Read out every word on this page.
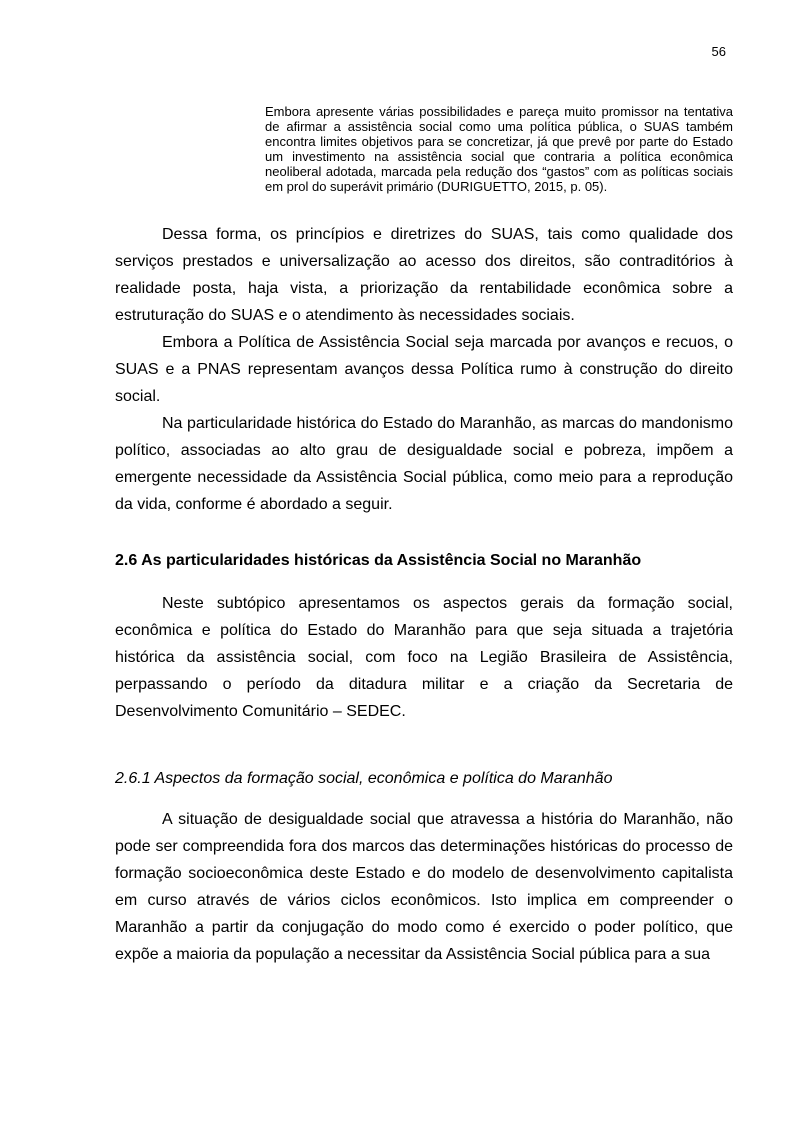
56

Embora apresente várias possibilidades e pareça muito promissor na tentativa de afirmar a assistência social como uma política pública, o SUAS também encontra limites objetivos para se concretizar, já que prevê por parte do Estado um investimento na assistência social que contraria a política econômica neoliberal adotada, marcada pela redução dos “gastos” com as políticas sociais em prol do superávit primário (DURIGUETTO, 2015, p. 05).

Dessa forma, os princípios e diretrizes do SUAS, tais como qualidade dos serviços prestados e universalização ao acesso dos direitos, são contraditórios à realidade posta, haja vista, a priorização da rentabilidade econômica sobre a estruturação do SUAS e o atendimento às necessidades sociais.

Embora a Política de Assistência Social seja marcada por avanços e recuos, o SUAS e a PNAS representam avanços dessa Política rumo à construção do direito social.

Na particularidade histórica do Estado do Maranhão, as marcas do mandonismo político, associadas ao alto grau de desigualdade social e pobreza, impõem a emergente necessidade da Assistência Social pública, como meio para a reprodução da vida, conforme é abordado a seguir.

2.6 As particularidades históricas da Assistência Social no Maranhão

Neste subtópico apresentamos os aspectos gerais da formação social, econômica e política do Estado do Maranhão para que seja situada a trajetória histórica da assistência social, com foco na Legião Brasileira de Assistência, perpassando o período da ditadura militar e a criação da Secretaria de Desenvolvimento Comunitário – SEDEC.

2.6.1 Aspectos da formação social, econômica e política do Maranhão

A situação de desigualdade social que atravessa a história do Maranhão, não pode ser compreendida fora dos marcos das determinações históricas do processo de formação socioeconômica deste Estado e do modelo de desenvolvimento capitalista em curso através de vários ciclos econômicos. Isto implica em compreender o Maranhão a partir da conjugação do modo como é exercido o poder político, que expõe a maioria da população a necessitar da Assistência Social pública para a sua
